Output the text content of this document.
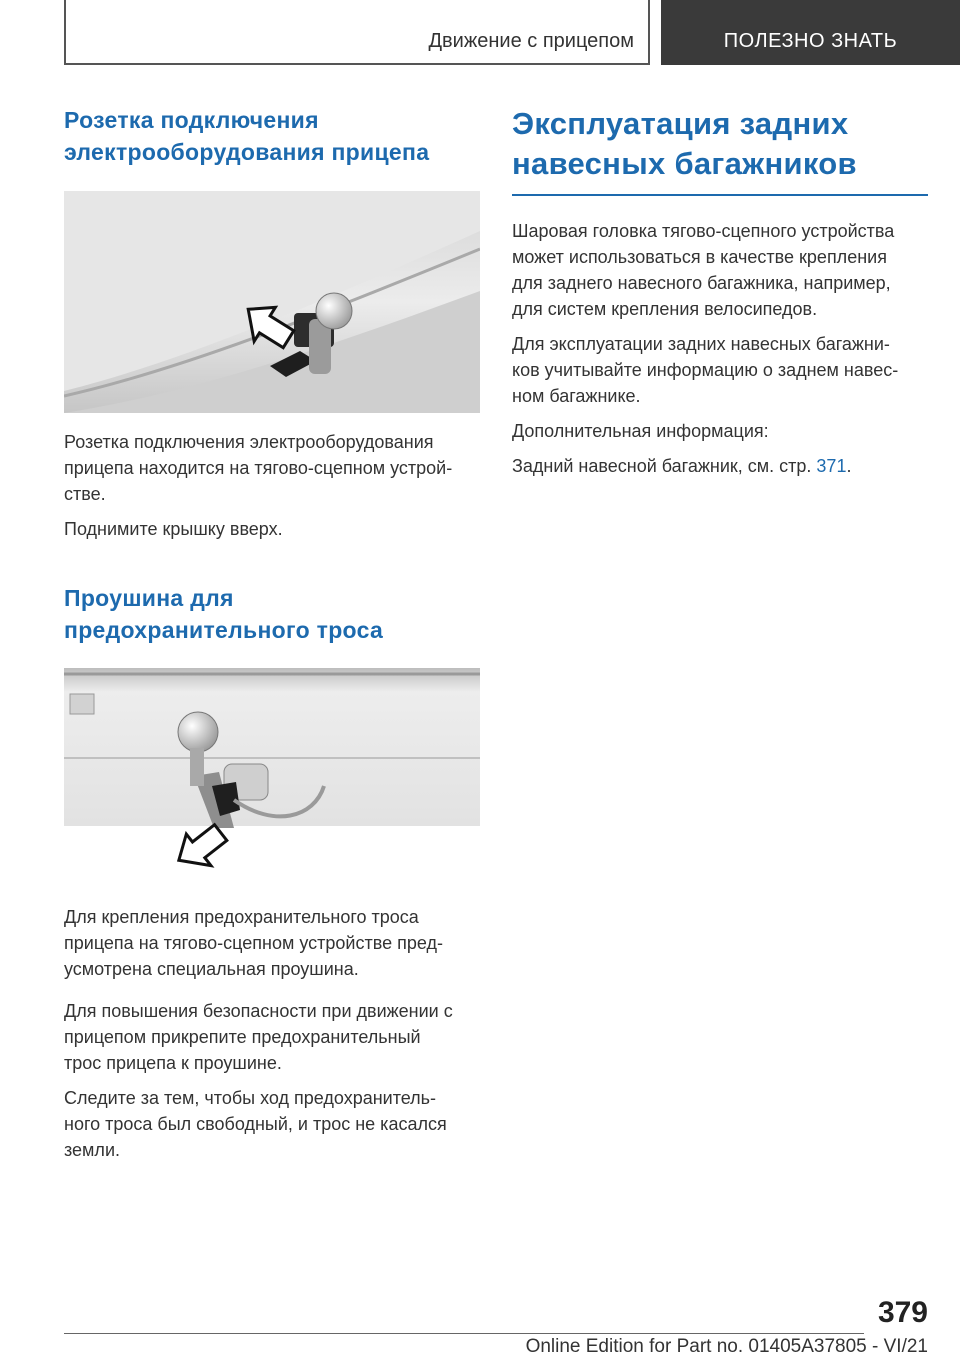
Движение с прицепом	ПОЛЕЗНО ЗНАТЬ
Розетка подключения
электрооборудования прицепа

Розетка подключения электрооборудования
прицепа находится на тягово-сцепном устрой-
стве.

Поднимите крышку вверх.

Проушина для
предохранительного троса

Для крепления предохранительного троса
прицепа на тягово-сцепном устройстве пред-
усмотрена специальная проушина.

Для повышения безопасности при движении с
прицепом прикрепите предохранительный
трос прицепа к проушине.

Следите за тем, чтобы ход предохранитель-
ного троса был свободный, и трос не касался
земли.

Эксплуатация задних
навесных багажников

Шаровая головка тягово-сцепного устройства
может использоваться в качестве крепления
для заднего навесного багажника, например,
для систем крепления велосипедов.

Для эксплуатации задних навесных багажни-
ков учитывайте информацию о заднем навес-
ном багажнике.

Дополнительная информация:

Задний навесной багажник, см. стр. 371.

379
Online Edition for Part no. 01405A37805 - VI/21
